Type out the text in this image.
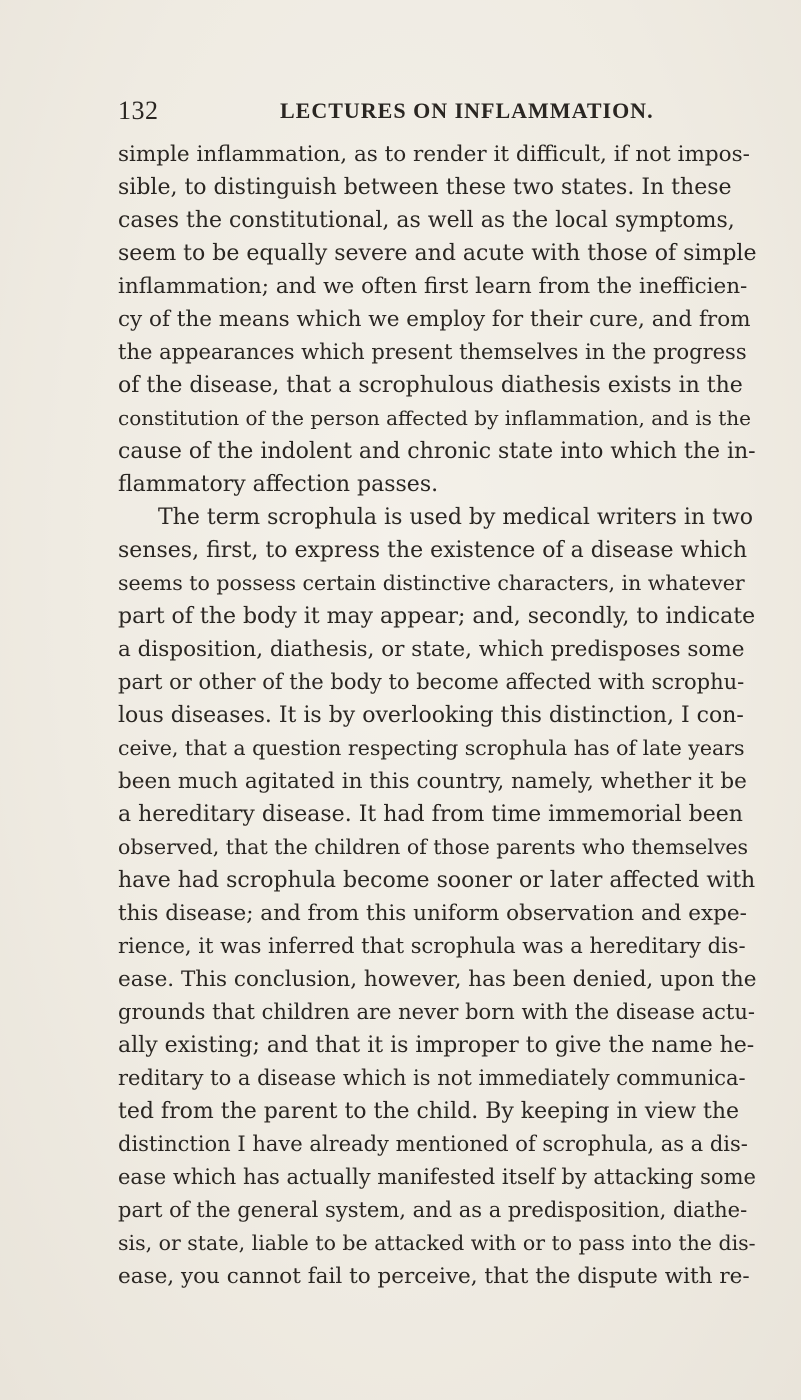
132	LECTURES ON INFLAMMATION.
simple inflammation, as to render it difficult, if not impos-
sible, to distinguish between these two states. In these
cases the constitutional, as well as the local symptoms,
seem to be equally severe and acute with those of simple
inflammation; and we often first learn from the inefficien-
cy of the means which we employ for their cure, and from
the appearances which present themselves in the progress
of the disease, that a scrophulous diathesis exists in the
constitution of the person affected by inflammation, and is the
cause of the indolent and chronic state into which the in-
flammatory affection passes.
The term scrophula is used by medical writers in two
senses, first, to express the existence of a disease which
seems to possess certain distinctive characters, in whatever
part of the body it may appear; and, secondly, to indicate
a disposition, diathesis, or state, which predisposes some
part or other of the body to become affected with scrophu-
lous diseases. It is by overlooking this distinction, I con-
ceive, that a question respecting scrophula has of late years
been much agitated in this country, namely, whether it be
a hereditary disease. It had from time immemorial been
observed, that the children of those parents who themselves
have had scrophula become sooner or later affected with
this disease; and from this uniform observation and expe-
rience, it was inferred that scrophula was a hereditary dis-
ease. This conclusion, however, has been denied, upon the
grounds that children are never born with the disease actu-
ally existing; and that it is improper to give the name he-
reditary to a disease which is not immediately communica-
ted from the parent to the child. By keeping in view the
distinction I have already mentioned of scrophula, as a dis-
ease which has actually manifested itself by attacking some
part of the general system, and as a predisposition, diathe-
sis, or state, liable to be attacked with or to pass into the dis-
ease, you cannot fail to perceive, that the dispute with re-
